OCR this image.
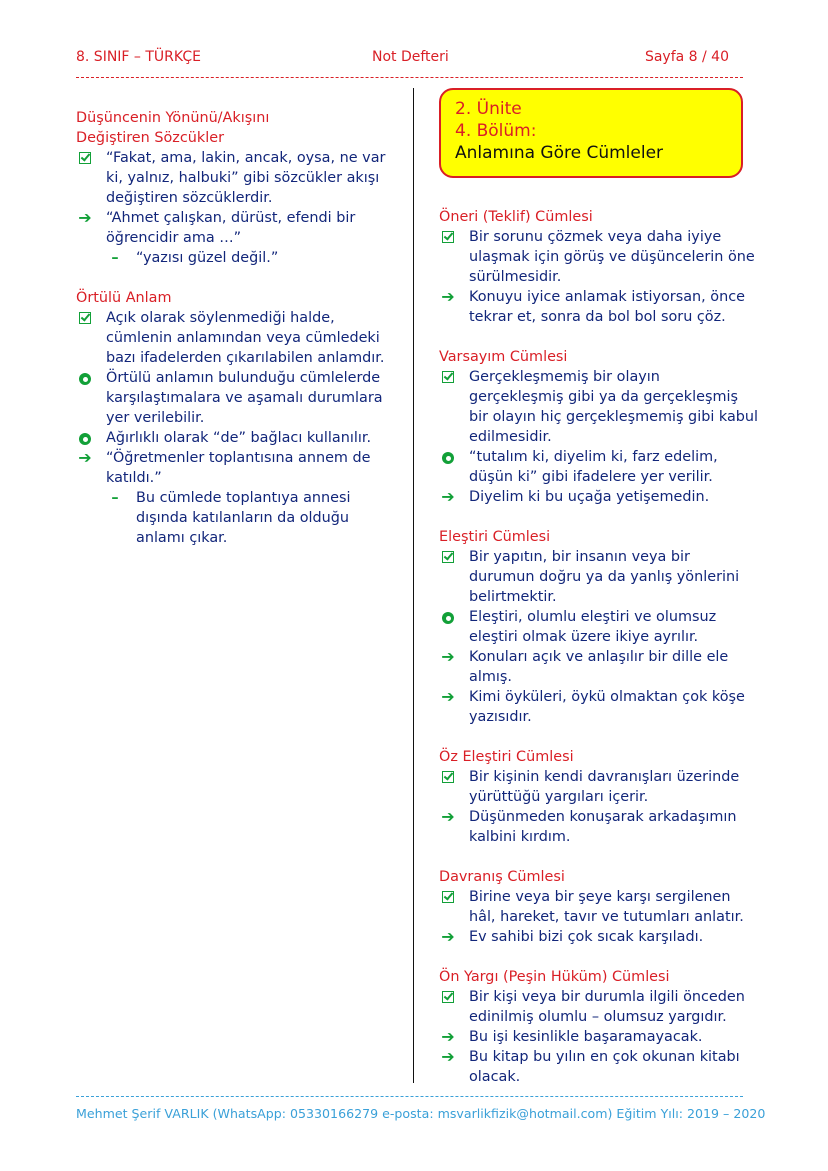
8. SINIF – TÜRKÇE	Not Defteri	Sayfa 8 / 40
Düşüncenin Yönünü/Akışını
Değiştiren Sözcükler
“Fakat, ama, lakin, ancak, oysa, ne var ki, yalnız, halbuki” gibi sözcükler akışı değiştiren sözcüklerdir.
➔ “Ahmet çalışkan, dürüst, efendi bir öğrencidir ama …”
–	“yazısı güzel değil.”
Örtülü Anlam
Açık olarak söylenmediği halde, cümlenin anlamından veya cümledeki bazı ifadelerden çıkarılabilen anlamdır.
Örtülü anlamın bulunduğu cümlelerde karşılaştımalara ve aşamalı durumlara yer verilebilir.
Ağırlıklı olarak “de” bağlacı kullanılır.
➔ “Öğretmenler toplantısına annem de katıldı.”
–	Bu cümlede toplantıya annesi dışında katılanların da olduğu anlamı çıkar.
2. Ünite
4. Bölüm:
Anlamına Göre Cümleler
Öneri (Teklif) Cümlesi
Bir sorunu çözmek veya daha iyiye ulaşmak için görüş ve düşüncelerin öne sürülmesidir.
➔ Konuyu iyice anlamak istiyorsan, önce tekrar et, sonra da bol bol soru çöz.
Varsayım Cümlesi
Gerçekleşmemiş bir olayın gerçekleşmiş gibi ya da gerçekleşmiş bir olayın hiç gerçekleşmemiş gibi kabul edilmesidir.
“tutalım ki, diyelim ki, farz edelim, düşün ki” gibi ifadelere yer verilir.
➔ Diyelim ki bu uçağa yetişemedin.
Eleştiri Cümlesi
Bir yapıtın, bir insanın veya bir durumun doğru ya da yanlış yönlerini belirtmektir.
Eleştiri, olumlu eleştiri ve olumsuz eleştiri olmak üzere ikiye ayrılır.
➔ Konuları açık ve anlaşılır bir dille ele almış.
➔ Kimi öyküleri, öykü olmaktan çok köşe yazısıdır.
Öz Eleştiri Cümlesi
Bir kişinin kendi davranışları üzerinde yürüttüğü yargıları içerir.
➔ Düşünmeden konuşarak arkadaşımın kalbini kırdım.
Davranış Cümlesi
Birine veya bir şeye karşı sergilenen hâl, hareket, tavır ve tutumları anlatır.
➔ Ev sahibi bizi çok sıcak karşıladı.
Ön Yargı (Peşin Hüküm) Cümlesi
Bir kişi veya bir durumla ilgili önceden edinilmiş olumlu – olumsuz yargıdır.
➔ Bu işi kesinlikle başaramayacak.
➔ Bu kitap bu yılın en çok okunan kitabı olacak.
Mehmet Şerif VARLIK (WhatsApp: 05330166279 e-posta: msvarlikfizik@hotmail.com) Eğitim Yılı: 2019 – 2020
